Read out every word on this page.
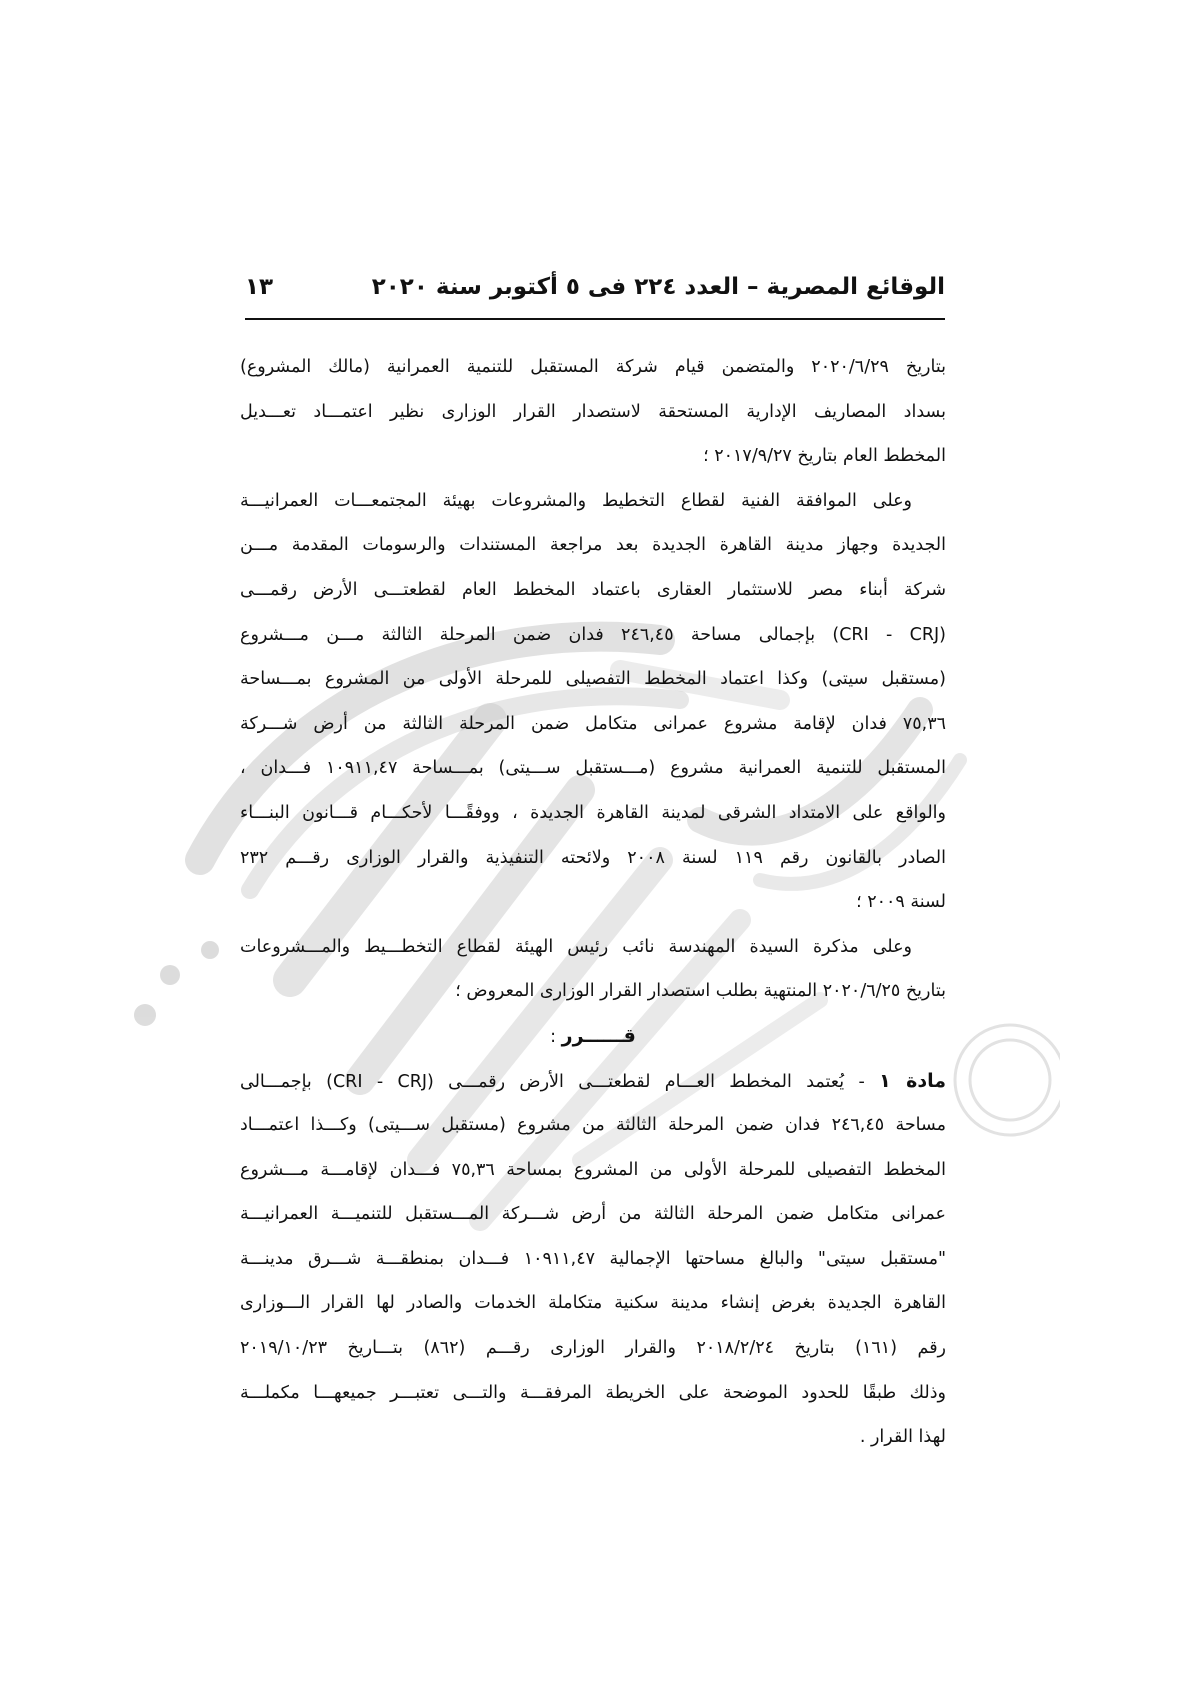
الوقائع المصرية – العدد ٢٢٤ فى ٥ أكتوبر سنة ٢٠٢٠
١٣
بتاريخ ٢٠٢٠/٦/٢٩ والمتضمن قيام شركة المستقبل للتنمية العمرانية (مالك المشروع)
بسداد المصاريف الإدارية المستحقة لاستصدار القرار الوزارى نظير اعتمـــاد تعـــديل
المخطط العام بتاريخ ٢٠١٧/٩/٢٧ ؛
وعلى الموافقة الفنية لقطاع التخطيط والمشروعات بهيئة المجتمعـــات العمرانيـــة
الجديدة وجهاز مدينة القاهرة الجديدة بعد مراجعة المستندات والرسومات المقدمة مـــن
شركة أبناء مصر للاستثمار العقارى باعتماد المخطط العام لقطعتـــى الأرض رقمـــى
(CRI - CRJ) بإجمالى مساحة ٢٤٦,٤٥ فدان ضمن المرحلة الثالثة مـــن مـــشروع
(مستقبل سيتى) وكذا اعتماد المخطط التفصيلى للمرحلة الأولى من المشروع بمـــساحة
٧٥,٣٦ فدان لإقامة مشروع عمرانى متكامل ضمن المرحلة الثالثة من أرض شـــركة
المستقبل للتنمية العمرانية مشروع (مـــستقبل ســـيتى) بمـــساحة ١٠٩١١,٤٧ فـــدان ،
والواقع على الامتداد الشرقى لمدينة القاهرة الجديدة ، ووفقًـــا لأحكـــام قـــانون البنـــاء
الصادر بالقانون رقم ١١٩ لسنة ٢٠٠٨ ولائحته التنفيذية والقرار الوزارى رقـــم ٢٣٢
لسنة ٢٠٠٩ ؛
وعلى مذكرة السيدة المهندسة نائب رئيس الهيئة لقطاع التخطـــيط والمـــشروعات
بتاريخ ٢٠٢٠/٦/٢٥ المنتهية بطلب استصدار القرار الوزارى المعروض ؛
قــــــرر :
مادة ١ - يُعتمد المخطط العـــام لقطعتـــى الأرض رقمـــى (CRI - CRJ) بإجمـــالى
مساحة ٢٤٦,٤٥ فدان ضمن المرحلة الثالثة من مشروع (مستقبل ســـيتى) وكـــذا اعتمـــاد
المخطط التفصيلى للمرحلة الأولى من المشروع بمساحة ٧٥,٣٦ فـــدان لإقامـــة مـــشروع
عمرانى متكامل ضمن المرحلة الثالثة من أرض شـــركة المـــستقبل للتنميـــة العمرانيـــة
"مستقبل سيتى" والبالغ مساحتها الإجمالية ١٠٩١١,٤٧ فـــدان بمنطقـــة شـــرق مدينـــة
القاهرة الجديدة بغرض إنشاء مدينة سكنية متكاملة الخدمات والصادر لها القرار الـــوزارى
رقم (١٦١) بتاريخ ٢٠١٨/٢/٢٤ والقرار الوزارى رقـــم (٨٦٢) بتـــاريخ ٢٠١٩/١٠/٢٣
وذلك طبقًا للحدود الموضحة على الخريطة المرفقـــة والتـــى تعتبـــر جميعهـــا مكملـــة
لهذا القرار .
